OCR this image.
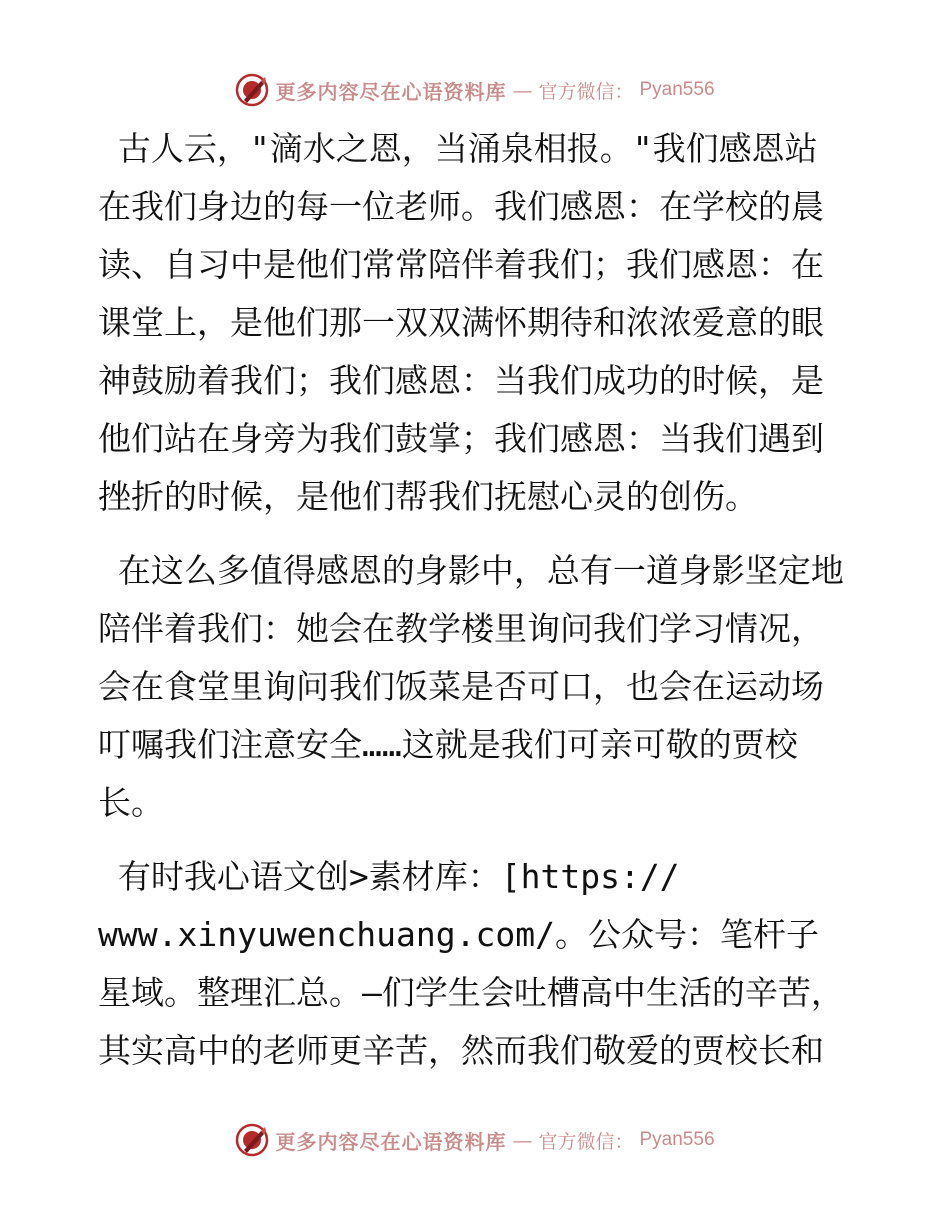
更多内容尽在心语资料库 — 官方微信： Pyan556

古人云，"滴水之恩，当涌泉相报。"我们感恩站在我们身边的每一位老师。我们感恩：在学校的晨读、自习中是他们常常陪伴着我们；我们感恩：在课堂上，是他们那一双双满怀期待和浓浓爱意的眼神鼓励着我们；我们感恩：当我们成功的时候，是他们站在身旁为我们鼓掌；我们感恩：当我们遇到挫折的时候，是他们帮我们抚慰心灵的创伤。

在这么多值得感恩的身影中，总有一道身影坚定地陪伴着我们：她会在教学楼里询问我们学习情况，会在食堂里询问我们饭菜是否可口，也会在运动场叮嘱我们注意安全……这就是我们可亲可敬的贾校长。

有时我心语文创>素材库：[https://
www.xinyuwenchuang.com/。公众号：笔杆子星域。整理汇总。—们学生会吐槽高中生活的辛苦，其实高中的老师更辛苦，然而我们敬爱的贾校长和

更多内容尽在心语资料库 — 官方微信： Pyan556
